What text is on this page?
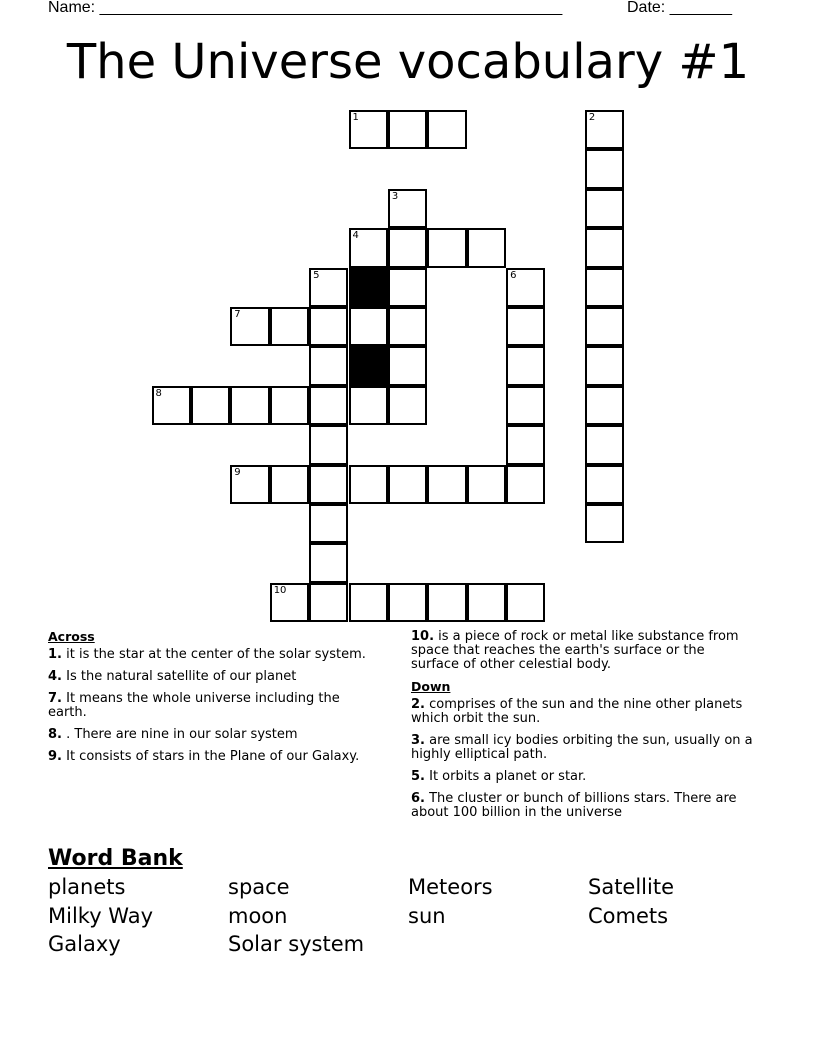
Name: ____________________________________________________	Date: _______
The Universe vocabulary #1
1	2
3
4
5	6
7
8
9
10
Across
1. it is the star at the center of the solar system.
4. Is the natural satellite of our planet
7. It means the whole universe including the earth.
8. . There are nine in our solar system
9. It consists of stars in the Plane of our Galaxy.
10. is a piece of rock or metal like substance from space that reaches the earth's surface or the surface of other celestial body.
Down
2. comprises of the sun and the nine other planets which orbit the sun.
3. are small icy bodies orbiting the sun, usually on a highly elliptical path.
5. It orbits a planet or star.
6. The cluster or bunch of billions stars. There are about 100 billion in the universe
Word Bank
planets	space	Meteors	Satellite
Milky Way	moon	sun	Comets
Galaxy	Solar system
